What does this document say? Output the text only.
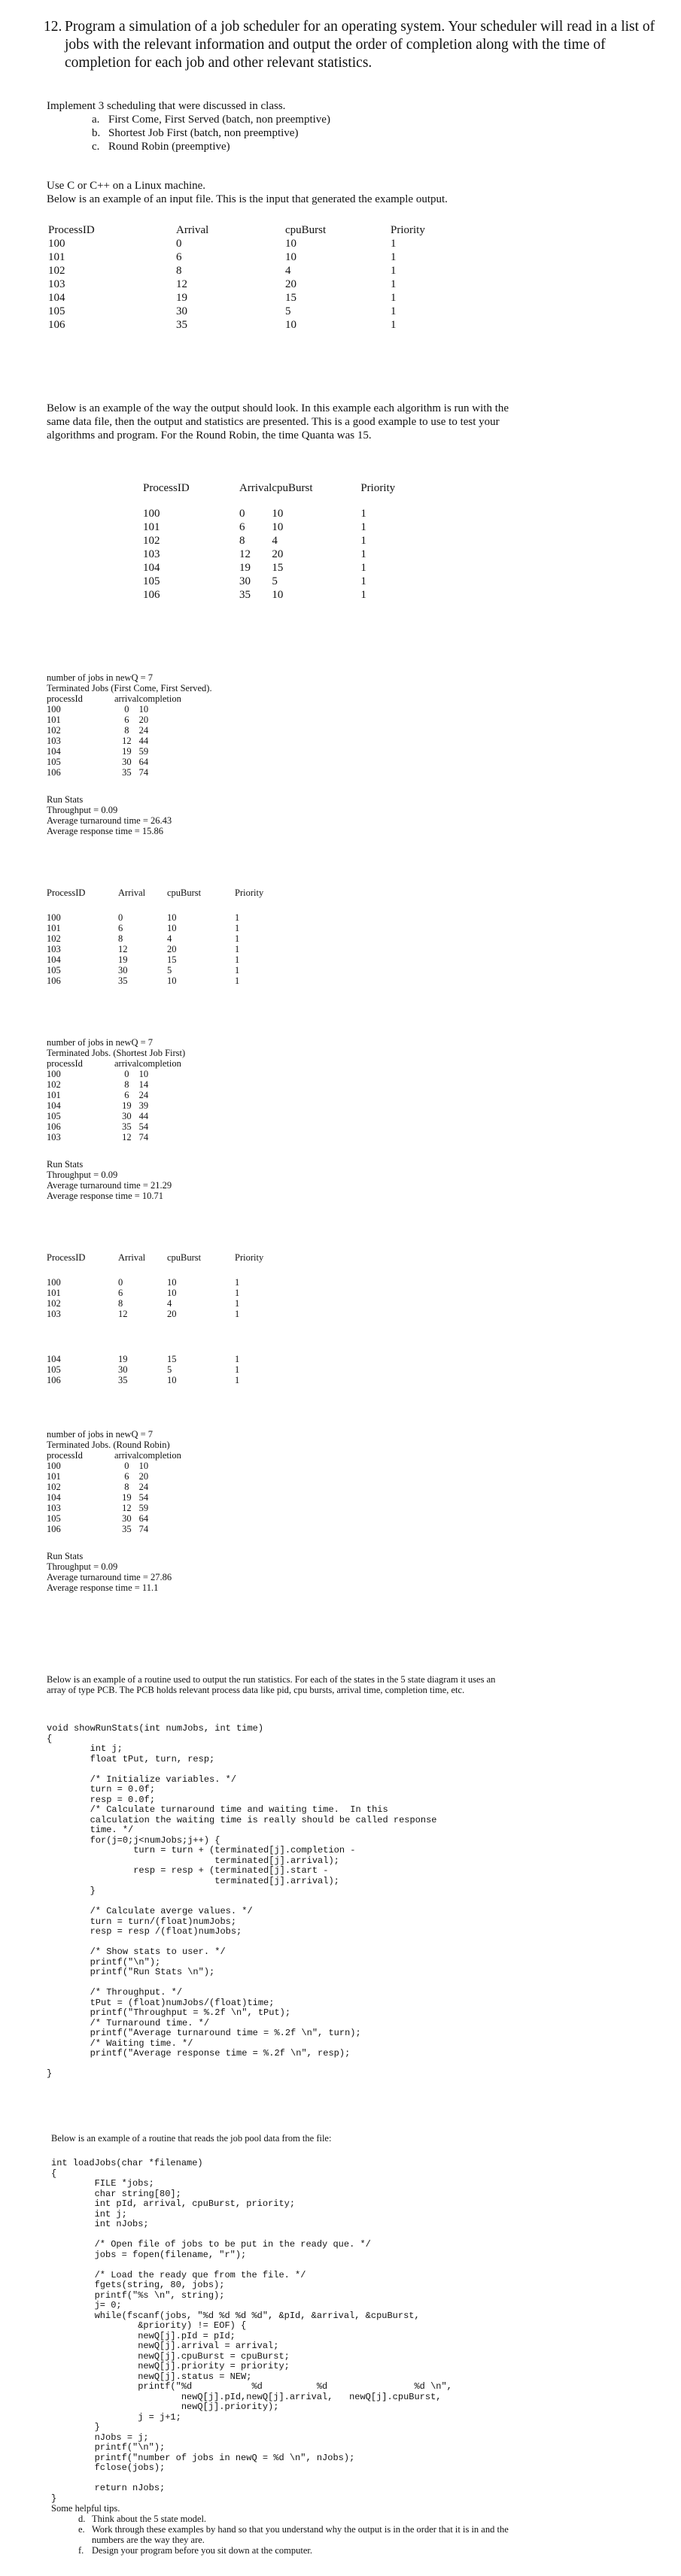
12. Program a simulation of a job scheduler for an operating system. Your scheduler will read in a list of jobs with the relevant information and output the order of completion along with the time of completion for each job and other relevant statistics.
Implement 3 scheduling that were discussed in class.
a. First Come, First Served (batch, non preemptive)
b. Shortest Job First (batch, non preemptive)
c. Round Robin (preemptive)
Use C or C++ on a Linux machine.
Below is an example of an input file. This is the input that generated the example output.
ProcessID	Arrival	cpuBurst	Priority
100	0	10	1
101	6	10	1
102	8	4	1
103	12	20	1
104	19	15	1
105	30	5	1
106	35	10	1
Below is an example of the way the output should look. In this example each algorithm is run with the same data file, then the output and statistics are presented. This is a good example to use to test your algorithms and program. For the Round Robin, the time Quanta was 15.
ProcessID	Arrival	cpuBurst	Priority
100	0	10	1
101	6	10	1
102	8	4	1
103	12	20	1
104	19	15	1
105	30	5	1
106	35	10	1
number of jobs in newQ = 7
Terminated Jobs (First Come, First Served).
processId	arrival	completion
100	0	10
101	6	20
102	8	24
103	12	44
104	19	59
105	30	64
106	35	74
Run Stats
Throughput = 0.09
Average turnaround time = 26.43
Average response time = 15.86
ProcessID	Arrival	cpuBurst	Priority
100	0	10	1
101	6	10	1
102	8	4	1
103	12	20	1
104	19	15	1
105	30	5	1
106	35	10	1
number of jobs in newQ = 7
Terminated Jobs. (Shortest Job First)
processId	arrival	completion
100	0	10
102	8	14
101	6	24
104	19	39
105	30	44
106	35	54
103	12	74
Run Stats
Throughput = 0.09
Average turnaround time = 21.29
Average response time = 10.71
ProcessID	Arrival	cpuBurst	Priority
100	0	10	1
101	6	10	1
102	8	4	1
103	12	20	1
104	19	15	1
105	30	5	1
106	35	10	1
number of jobs in newQ = 7
Terminated Jobs. (Round Robin)
processId	arrival	completion
100	0	10
101	6	20
102	8	24
104	19	54
103	12	59
105	30	64
106	35	74
Run Stats
Throughput = 0.09
Average turnaround time = 27.86
Average response time = 11.1
Below is an example of a routine used to output the run statistics. For each of the states in the 5 state diagram it uses an array of type PCB. The PCB holds relevant process data like pid, cpu bursts, arrival time, completion time, etc.
void showRunStats(int numJobs, int time)
{
int j;
float tPut, turn, resp;

/* Initialize variables. */
turn = 0.0f;
resp = 0.0f;
/* Calculate turnaround time and waiting time.  In this
calculation the waiting time is really should be called response
time. */
for(j=0;j<numJobs;j++) {
turn = turn + (terminated[j].completion -
terminated[j].arrival);
resp = resp + (terminated[j].start -
terminated[j].arrival);
}

/* Calculate averge values. */
turn = turn/(float)numJobs;
resp = resp /(float)numJobs;

/* Show stats to user. */
printf("\n");
printf("Run Stats \n");

/* Throughput. */
tPut = (float)numJobs/(float)time;
printf("Throughput = %.2f \n", tPut);
/* Turnaround time. */
printf("Average turnaround time = %.2f \n", turn);
/* Waiting time. */
printf("Average response time = %.2f \n", resp);

}
Below is an example of a routine that reads the job pool data from the file:
int loadJobs(char *filename)
{
FILE *jobs;
char string[80];
int pId, arrival, cpuBurst, priority;
int j;
int nJobs;

/* Open file of jobs to be put in the ready que. */
jobs = fopen(filename, "r");

/* Load the ready que from the file. */
fgets(string, 80, jobs);
printf("%s \n", string);
j= 0;
while(fscanf(jobs, "%d %d %d %d", &pId, &arrival, &cpuBurst,
&priority) != EOF) {
newQ[j].pId = pId;
newQ[j].arrival = arrival;
newQ[j].cpuBurst = cpuBurst;
newQ[j].priority = priority;
newQ[j].status = NEW;
printf("%d           %d          %d                %d \n",
newQ[j].pId,newQ[j].arrival,   newQ[j].cpuBurst,
newQ[j].priority);
j = j+1;
}
nJobs = j;
printf("\n");
printf("number of jobs in newQ = %d \n", nJobs);
fclose(jobs);

return nJobs;
}
Some helpful tips.
d. Think about the 5 state model.
e. Work through these examples by hand so that you understand why the output is in the order that it is in and the numbers are the way they are.
f. Design your program before you sit down at the computer.
